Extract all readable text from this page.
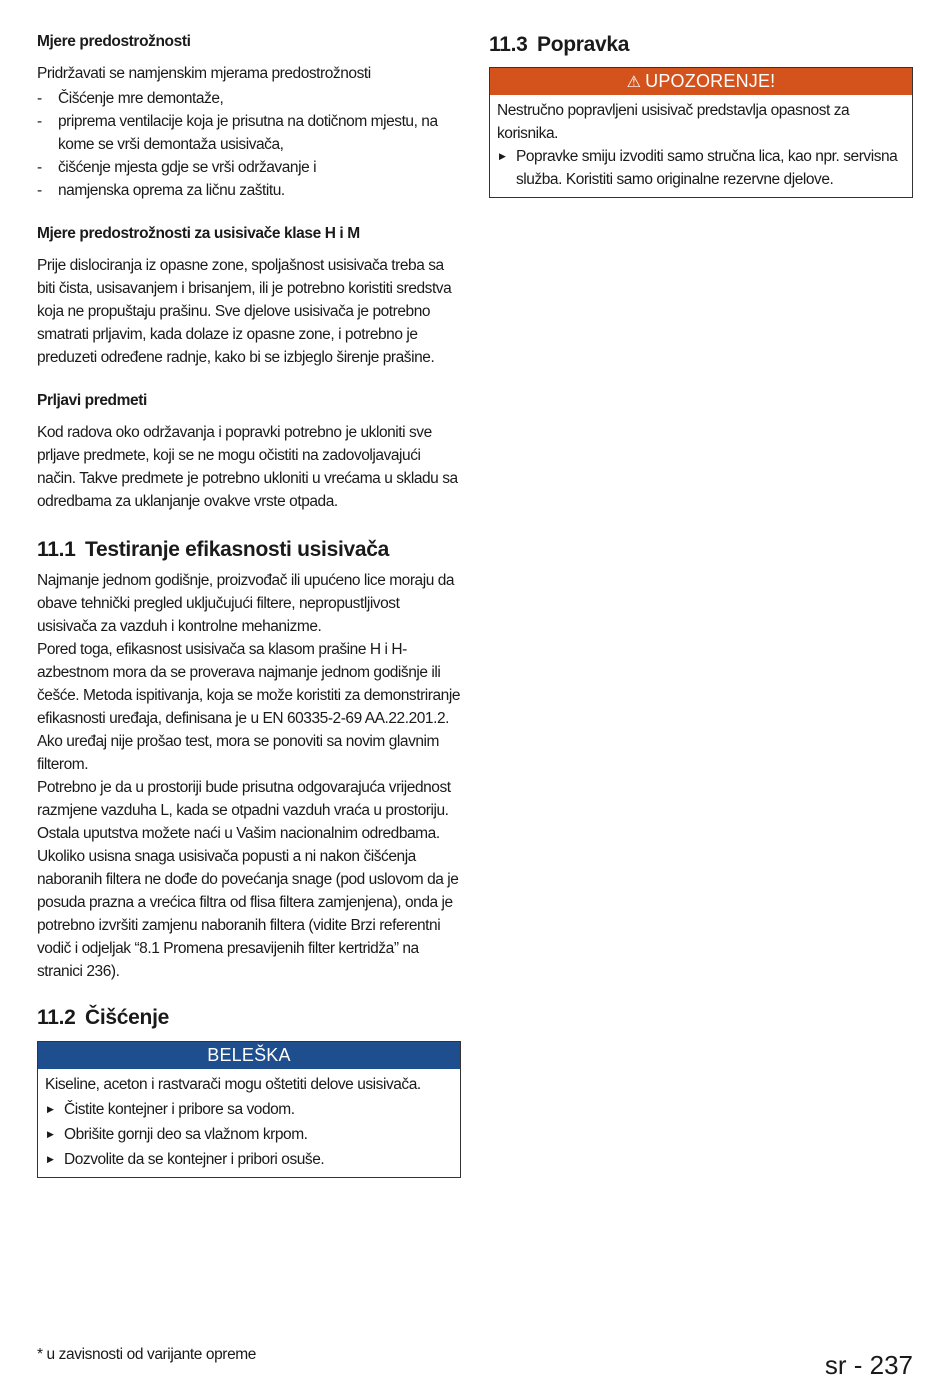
Mjere predostrožnosti

Pridržavati se namjenskim mjerama predostrožnosti

- Čišćenje mre demontaže,
- priprema ventilacije koja je prisutna na dotičnom mjestu, na kome se vrši demontaža usisivača,
- čišćenje mjesta gdje se vrši održavanje i
- namjenska oprema za ličnu zaštitu.
Mjere predostrožnosti za usisivače klase H i M

Prije dislociranja iz opasne zone, spoljašnost usisivača treba sa biti čista, usisavanjem i brisanjem, ili je potrebno koristiti sredstva koja ne propuštaju prašinu. Sve djelove usisivača je potrebno smatrati prljavim, kada dolaze iz opasne zone, i potrebno je preduzeti određene radnje, kako bi se izbjeglo širenje prašine.

Prljavi predmeti

Kod radova oko održavanja i popravki potrebno je ukloniti sve prljave predmete, koji se ne mogu očistiti na zadovoljavajući način. Takve predmete je potrebno ukloniti u vrećama u skladu sa odredbama za uklanjanje ovakve vrste otpada.

11.1 Testiranje efikasnosti usisivača

Najmanje jednom godišnje, proizvođač ili upućeno lice moraju da obave tehnički pregled uključujući filtere, nepropustljivost usisivača za vazduh i kontrolne mehanizme.

Pored toga, efikasnost usisivača sa klasom prašine H i H-azbestnom mora da se proverava najmanje jednom godišnje ili češće. Metoda ispitivanja, koja se može koristiti za demonstriranje efikasnosti uređaja, definisana je u EN 60335-2-69 AA.22.201.2. Ako uređaj nije prošao test, mora se ponoviti sa novim glavnim filterom.

Potrebno je da u prostoriji bude prisutna odgovarajuća vrijednost razmjene vazduha L, kada se otpadni vazduh vraća u prostoriju. Ostala uputstva možete naći u Vašim nacionalnim odredbama.

Ukoliko usisna snaga usisivača popusti a ni nakon čišćenja naboranih filtera ne dođe do povećanja snage (pod uslovom da je posuda prazna a vrećica filtra od flisa filtera zamjenjena), onda je potrebno izvršiti zamjenu naboranih filtera (vidite Brzi referentni vodič i odjeljak “8.1 Promena presavijenih filter kertridža” na stranici 236).

11.2 Čišćenje
BELEŠKA

Kiseline, aceton i rastvarači mogu oštetiti delove usisivača.

▶ Čistite kontejner i pribore sa vodom.
▶ Obrišite gornji deo sa vlažnom krpom.
▶ Dozvolite da se kontejner i pribori osuše.
11.3 Popravka
⚠ UPOZORENJE!

Nestručno popravljeni usisivač predstavlja opasnost za korisnika.

▶ Popravke smiju izvoditi samo stručna lica, kao npr. servisna služba. Koristiti samo originalne rezervne djelove.
* u zavisnosti od varijante opreme	sr - 237
